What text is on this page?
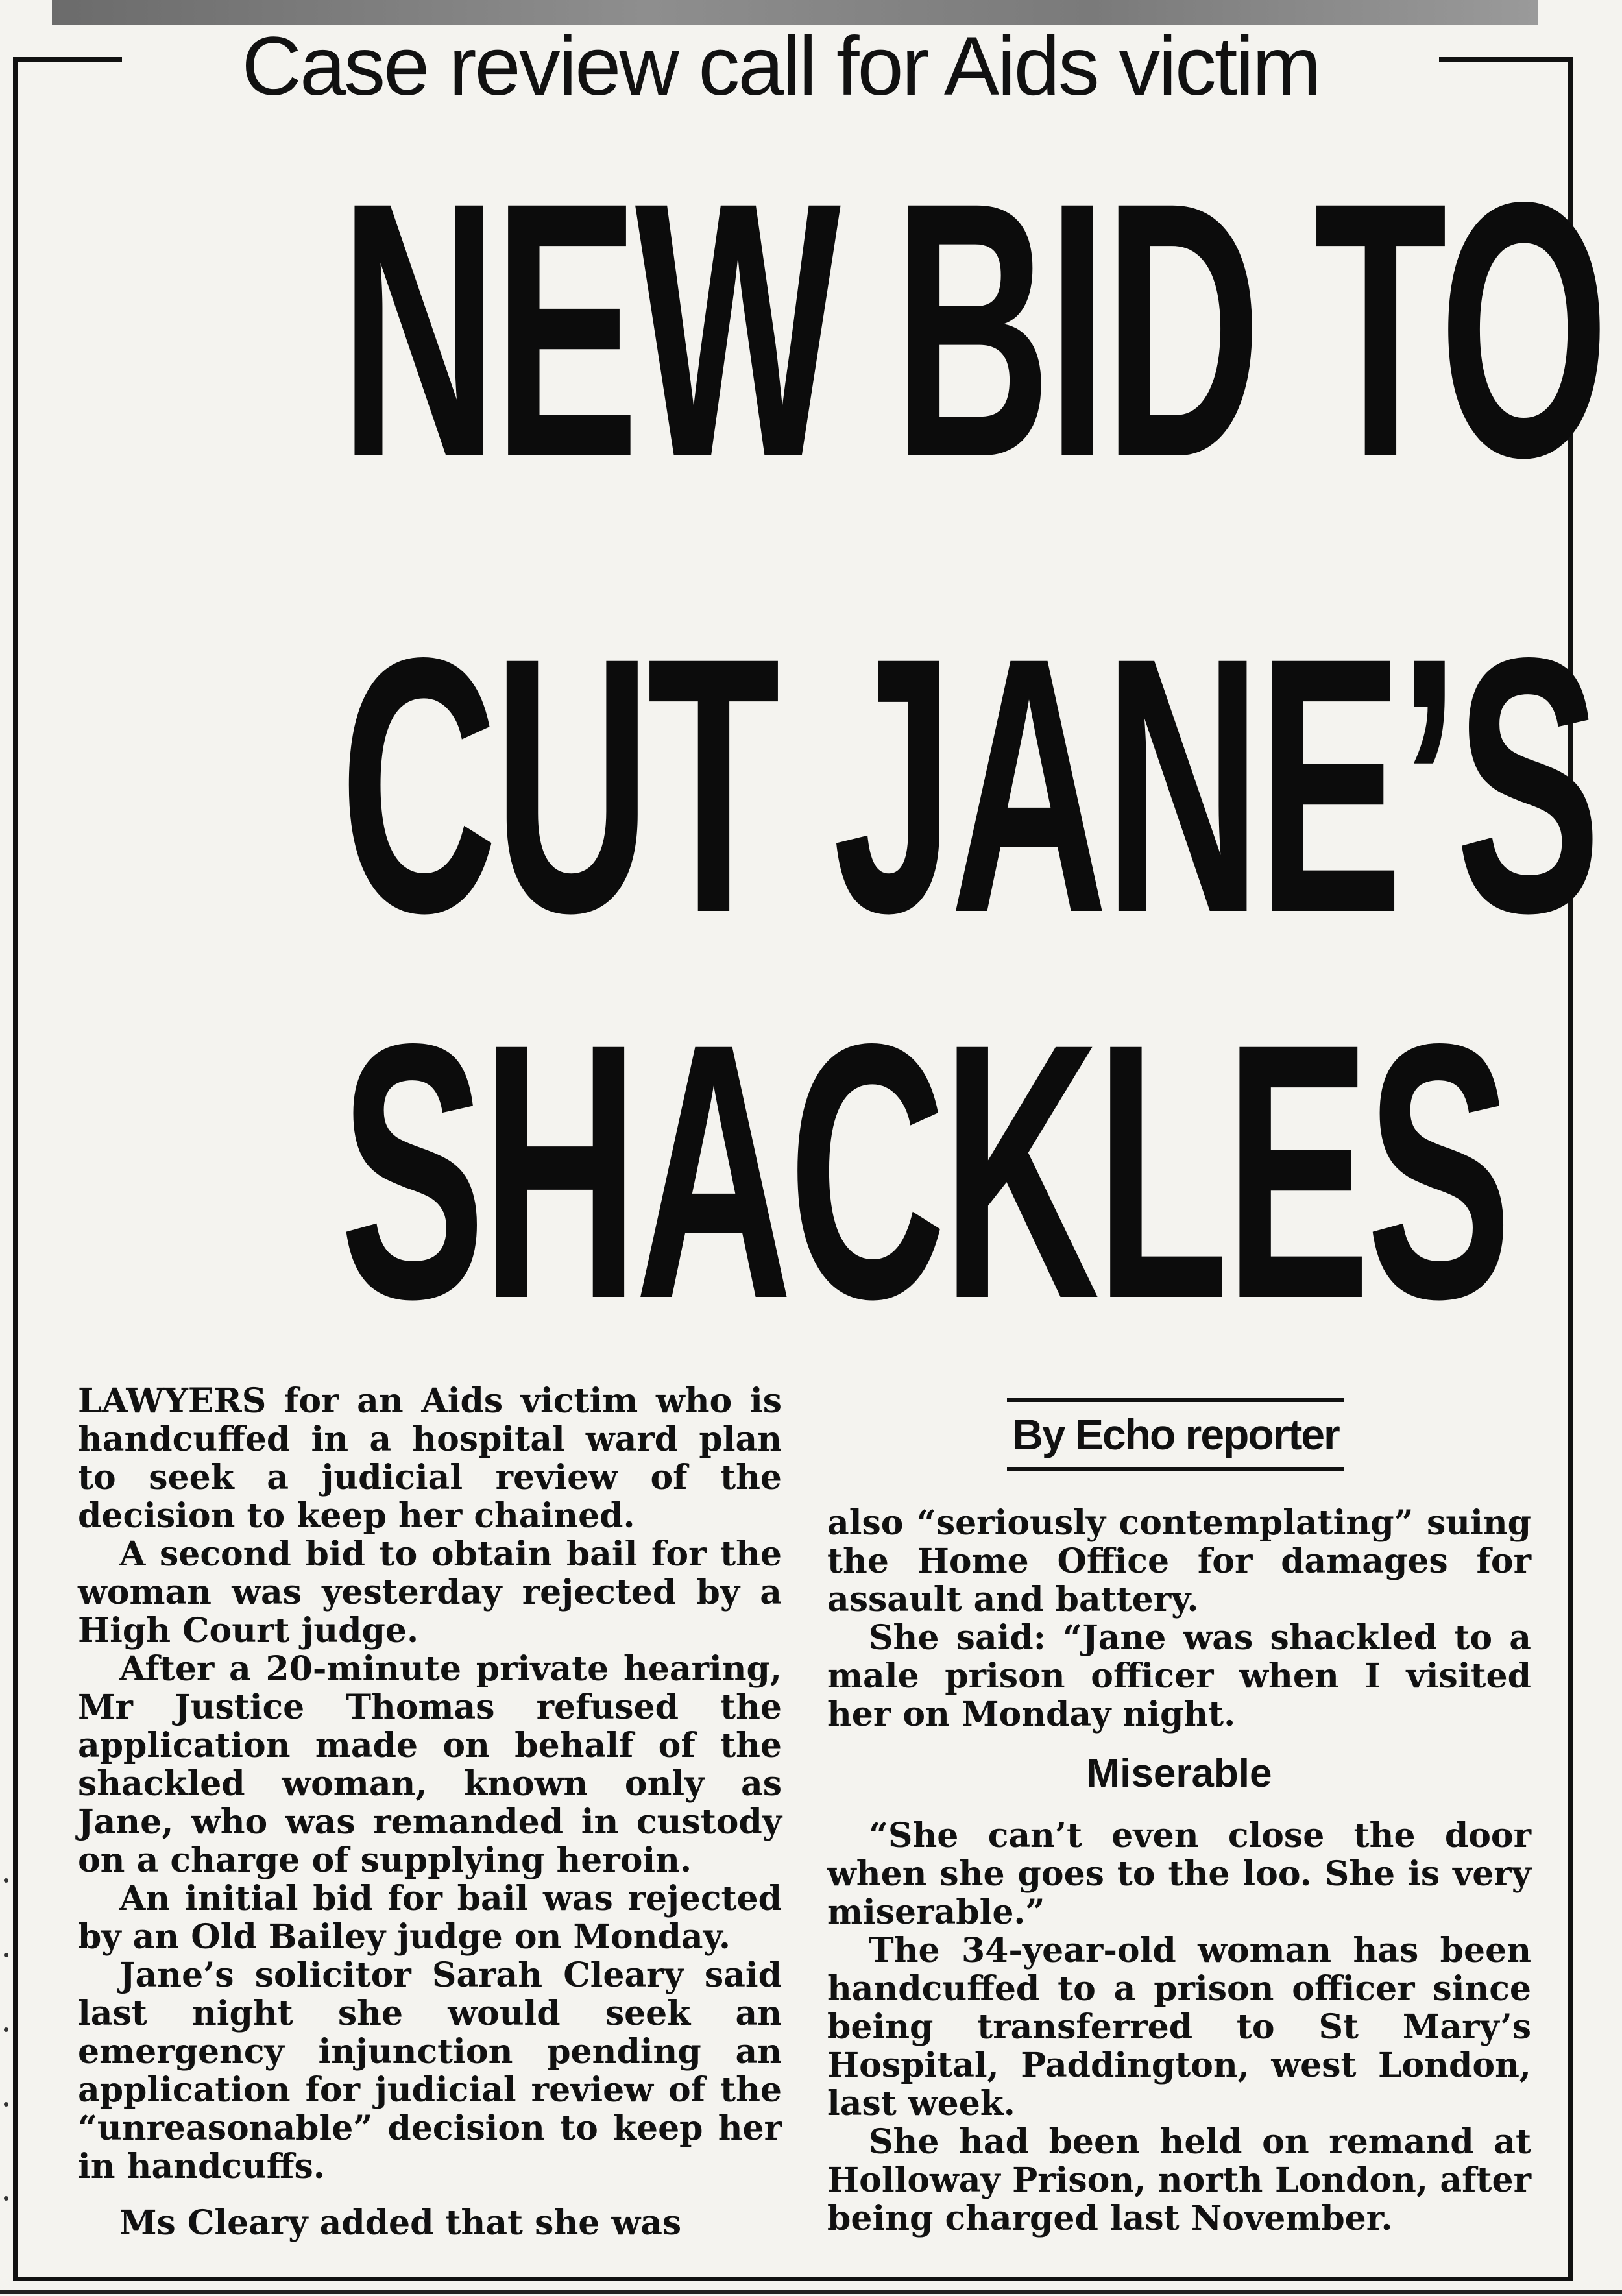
Case review call for Aids victim
NEW BID TO
CUT JANE’S
SHACKLES

LAWYERS for an Aids victim who is handcuffed in a hospital ward plan to seek a judicial review of the decision to keep her chained.

A second bid to obtain bail for the woman was yesterday rejected by a High Court judge.

After a 20-minute private hearing, Mr Justice Thomas refused the application made on behalf of the shackled woman, known only as Jane, who was remanded in custody on a charge of supplying heroin.

An initial bid for bail was rejected by an Old Bailey judge on Monday.

Jane’s solicitor Sarah Cleary said last night she would seek an emergency injunction pending an application for judicial review of the “unreasonable” decision to keep her in handcuffs.

Ms Cleary added that she was

By Echo reporter

also “seriously contemplating” suing the Home Office for damages for assault and battery.

She said: “Jane was shackled to a male prison officer when I visited her on Monday night.

Miserable

“She can’t even close the door when she goes to the loo. She is very miserable.”

The 34-year-old woman has been handcuffed to a prison officer since being transferred to St Mary’s Hospital, Paddington, west London, last week.

She had been held on remand at Holloway Prison, north London, after being charged last November.
